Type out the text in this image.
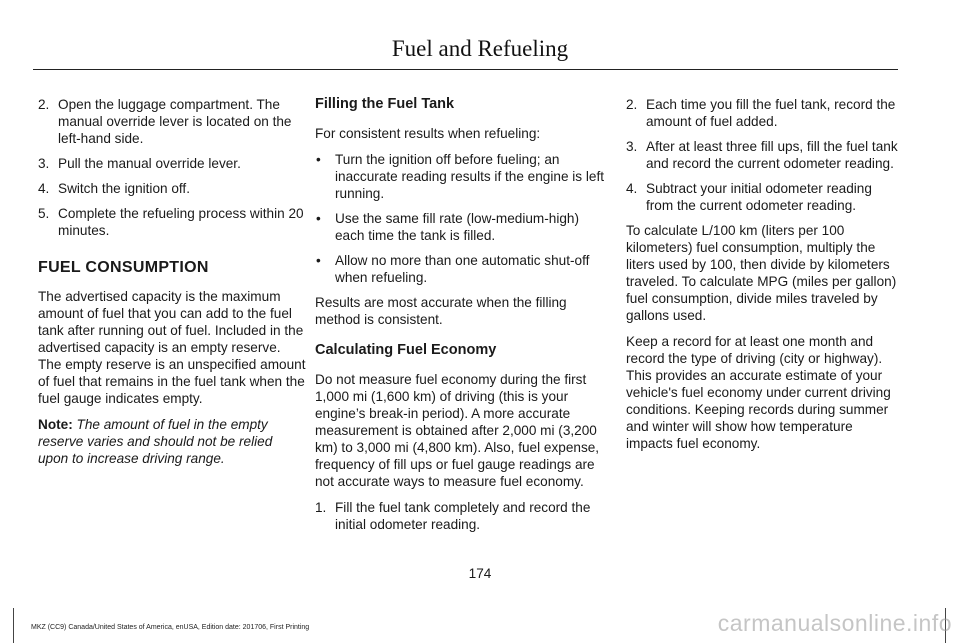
Fuel and Refueling
2. Open the luggage compartment. The manual override lever is located on the left-hand side.
3. Pull the manual override lever.
4. Switch the ignition off.
5. Complete the refueling process within 20 minutes.
FUEL CONSUMPTION

The advertised capacity is the maximum amount of fuel that you can add to the fuel tank after running out of fuel. Included in the advertised capacity is an empty reserve. The empty reserve is an unspecified amount of fuel that remains in the fuel tank when the fuel gauge indicates empty.

Note: The amount of fuel in the empty reserve varies and should not be relied upon to increase driving range.

Filling the Fuel Tank

For consistent results when refueling:

• Turn the ignition off before fueling; an inaccurate reading results if the engine is left running.
• Use the same fill rate (low-medium-high) each time the tank is filled.
• Allow no more than one automatic shut-off when refueling.

Results are most accurate when the filling method is consistent.

Calculating Fuel Economy

Do not measure fuel economy during the first 1,000 mi (1,600 km) of driving (this is your engine’s break-in period). A more accurate measurement is obtained after 2,000 mi (3,200 km) to 3,000 mi (4,800 km). Also, fuel expense, frequency of fill ups or fuel gauge readings are not accurate ways to measure fuel economy.

1. Fill the fuel tank completely and record the initial odometer reading.
2. Each time you fill the fuel tank, record the amount of fuel added.
3. After at least three fill ups, fill the fuel tank and record the current odometer reading.
4. Subtract your initial odometer reading from the current odometer reading.

To calculate L/100 km (liters per 100 kilometers) fuel consumption, multiply the liters used by 100, then divide by kilometers traveled. To calculate MPG (miles per gallon) fuel consumption, divide miles traveled by gallons used.

Keep a record for at least one month and record the type of driving (city or highway). This provides an accurate estimate of your vehicle's fuel economy under current driving conditions. Keeping records during summer and winter will show how temperature impacts fuel economy.

174
MKZ (CC9) Canada/United States of America, enUSA, Edition date: 201706, First Printing	carmanualsonline.info
